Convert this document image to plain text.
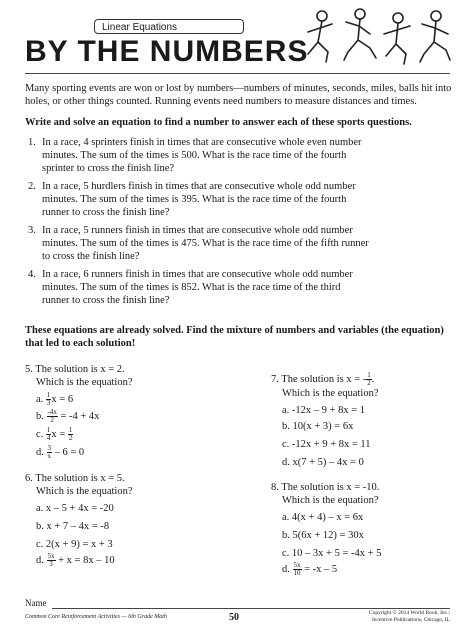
Linear Equations
BY THE NUMBERS
Many sporting events are won or lost by numbers—numbers of minutes, seconds, miles, balls hit into holes, or other things counted. Running events need numbers to measure distances and times.
Write and solve an equation to find a number to answer each of these sports questions.
1. In a race, 4 sprinters finish in times that are consecutive whole even number
minutes. The sum of the times is 500. What is the race time of the fourth
sprinter to cross the finish line?
2. In a race, 5 hurdlers finish in times that are consecutive whole odd number
minutes. The sum of the times is 395. What is the race time of the fourth
runner to cross the finish line?
3. In a race, 5 runners finish in times that are consecutive whole odd number
minutes. The sum of the times is 475. What is the race time of the fifth runner
to cross the finish line?
4. In a race, 6 runners finish in times that are consecutive whole odd number
minutes. The sum of the times is 852. What is the race time of the third
runner to cross the finish line?
These equations are already solved. Find the mixture of numbers and variables (the equation)
that led to each solution!
5. The solution is x = 2.
Which is the equation?
a. $\frac{1}{3}$ x = 6
b. $\frac{-4x}{2} = -4 + 4x$
c. $\frac{1}{4}$ $x = \frac{1}{2}$
d. $\frac{3}{x} - 6 = 0$
6. The solution is x = 5.
Which is the equation?
a. x – 5 + 4x = -20
b. x + 7 – 4x = -8
c. 2(x + 9) = x + 3
d. $\frac{5x}{3} + x = 8x - 10$
7. The solution is x = - $\frac{1}{2}$ .
Which is the equation?
a. -12x – 9 + 8x = 1
b. 10(x + 3) = 6x
c. -12x + 9 + 8x = 11
d. x(7 + 5) – 4x = 0
8. The solution is x = -10.
Which is the equation?
a. 4(x + 4) – x = 6x
b. 5(6x + 12) = 30x
c. 10 – 3x + 5 = -4x + 5
d. $\frac{5x}{10} = -x - 5$
Name
Common Core Reinforcement Activities — 6th Grade Math	50	Copyright © 2014 World Book, Inc./
Incentive Publications, Chicago, IL
